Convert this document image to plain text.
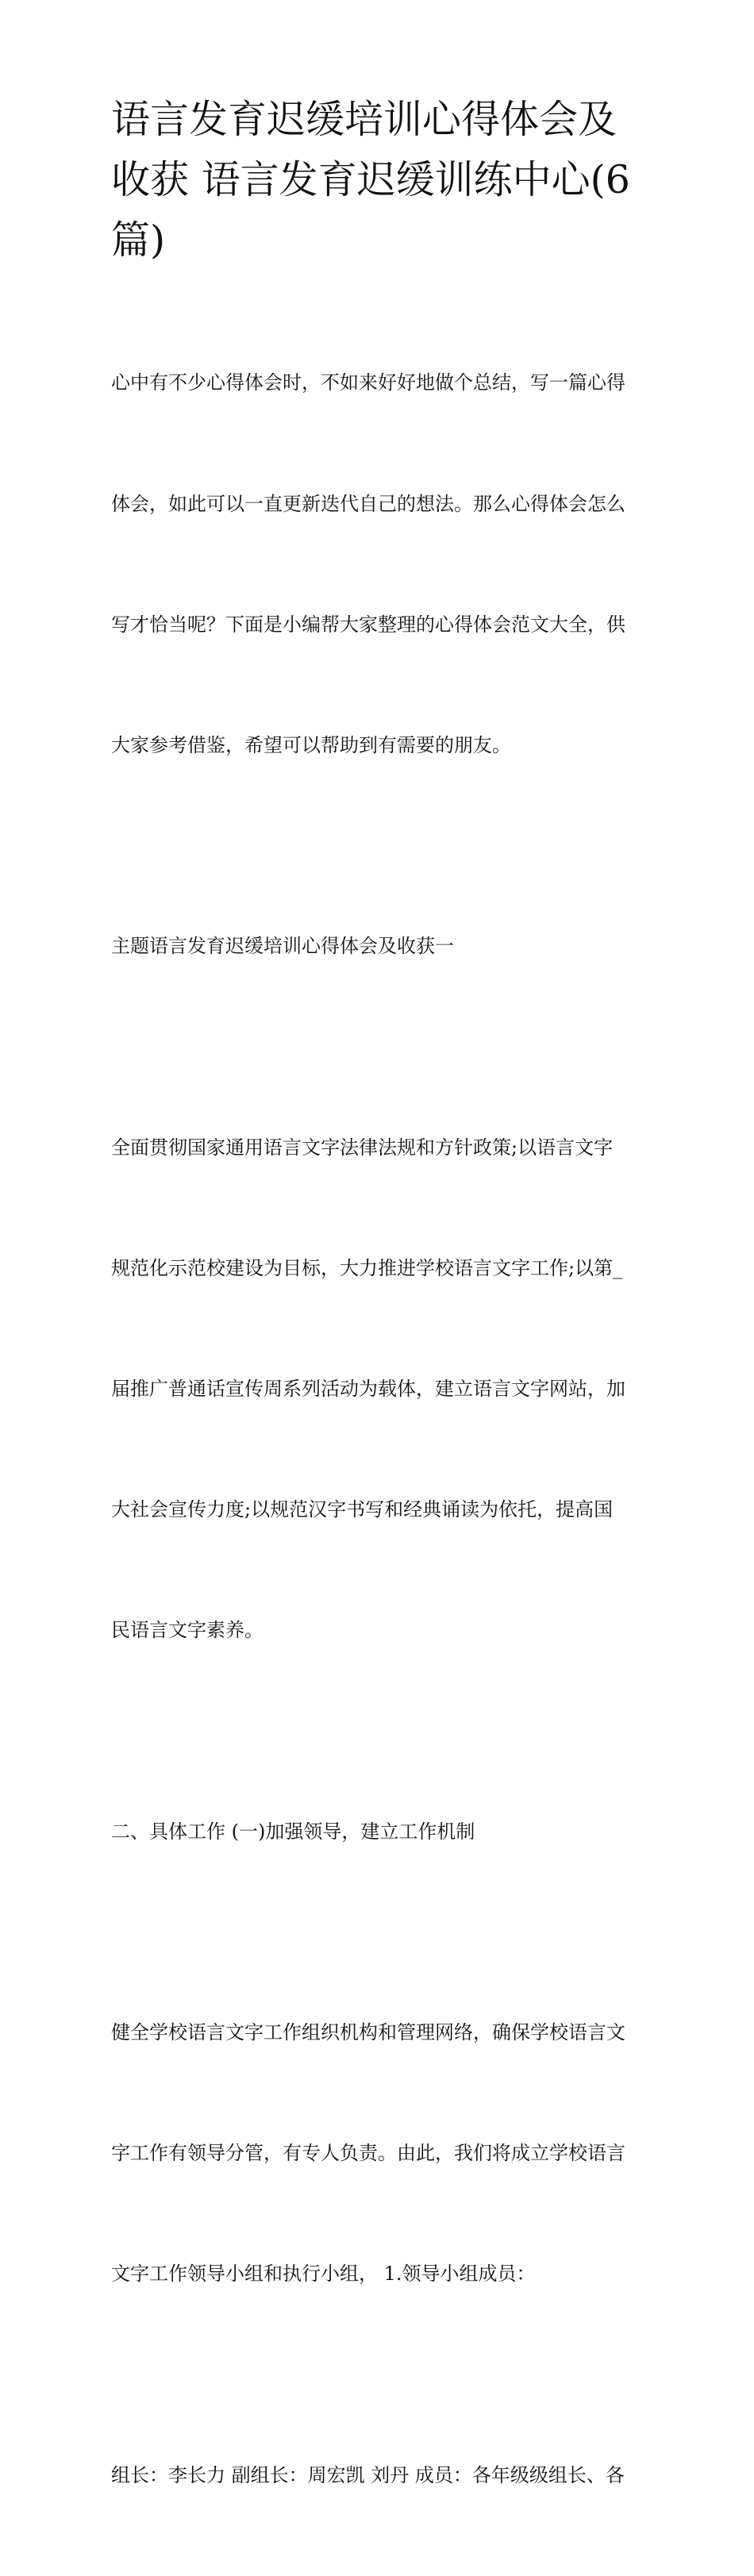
语言发育迟缓培训心得体会及
收获 语言发育迟缓训练中心(6
篇)

心中有不少心得体会时，不如来好好地做个总结，写一篇心得

体会，如此可以一直更新迭代自己的想法。那么心得体会怎么

写才恰当呢？下面是小编帮大家整理的心得体会范文大全，供

大家参考借鉴，希望可以帮助到有需要的朋友。

主题语言发育迟缓培训心得体会及收获一

全面贯彻国家通用语言文字法律法规和方针政策;以语言文字

规范化示范校建设为目标，大力推进学校语言文字工作;以第_

届推广普通话宣传周系列活动为载体，建立语言文字网站，加

大社会宣传力度;以规范汉字书写和经典诵读为依托，提高国

民语言文字素养。

二、具体工作 (一)加强领导，建立工作机制

健全学校语言文字工作组织机构和管理网络，确保学校语言文

字工作有领导分管，有专人负责。由此，我们将成立学校语言

文字工作领导小组和执行小组， 1.领导小组成员：

组长：李长力 副组长：周宏凯 刘丹 成员：各年级级组长、各
